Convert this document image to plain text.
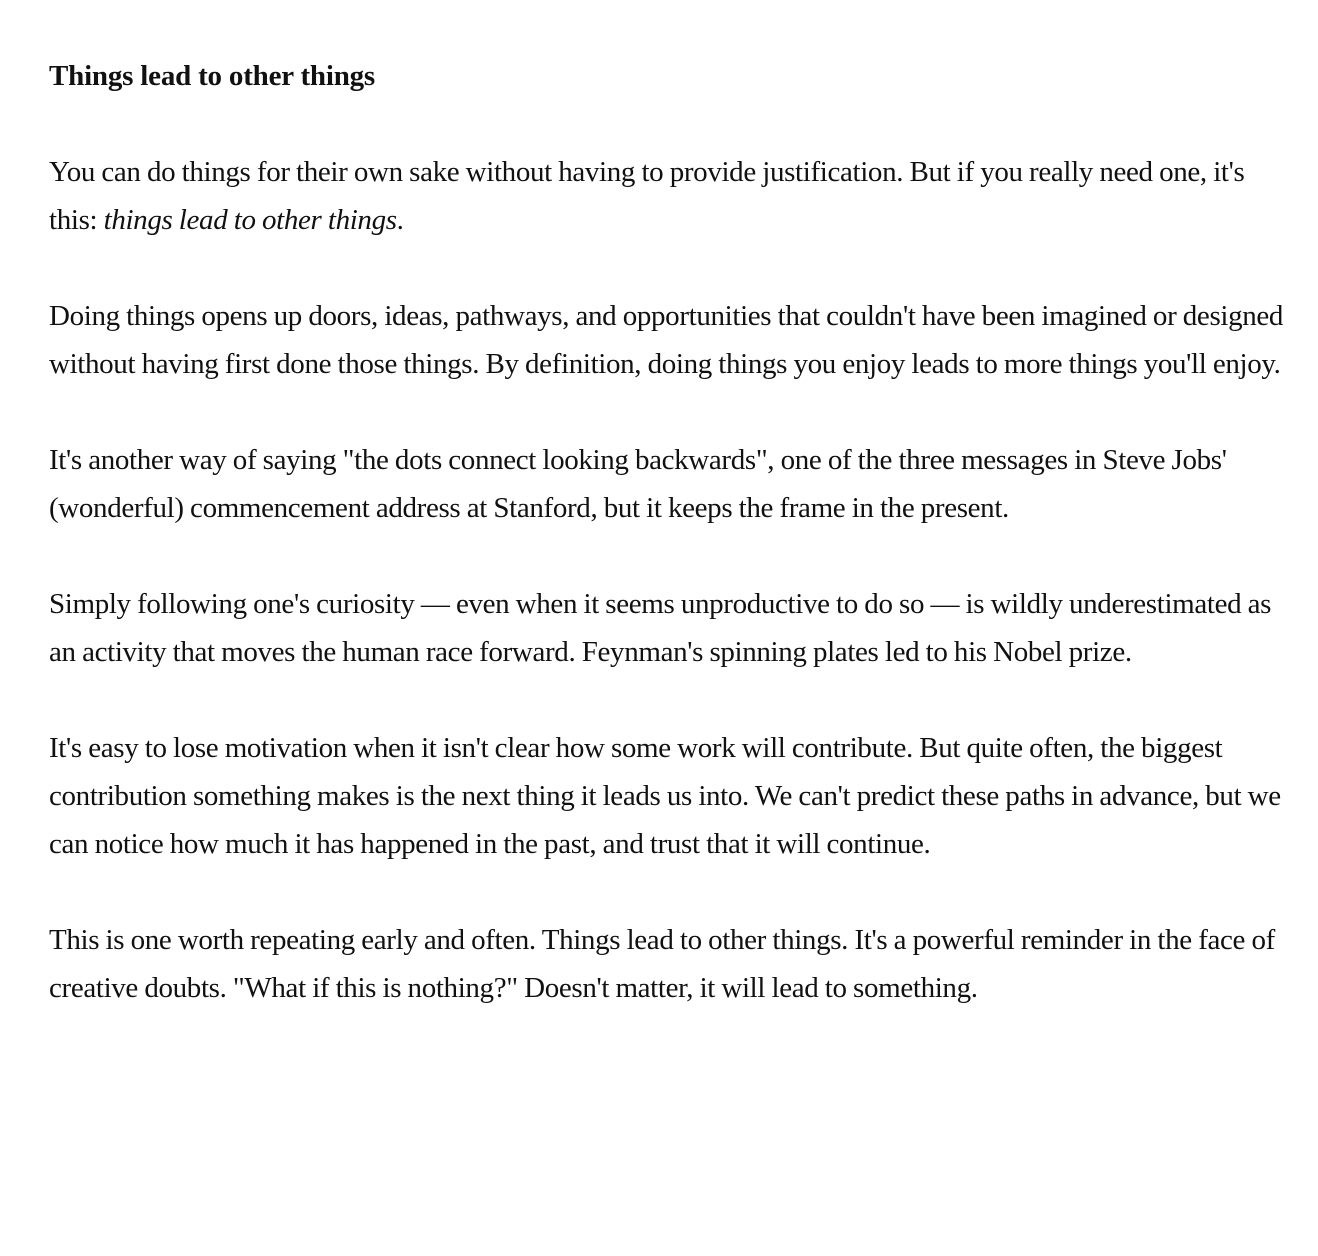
Things lead to other things

You can do things for their own sake without having to provide justification. But if you really need one, it's this: things lead to other things.

Doing things opens up doors, ideas, pathways, and opportunities that couldn't have been imagined or designed without having first done those things. By definition, doing things you enjoy leads to more things you'll enjoy.

It's another way of saying "the dots connect looking backwards", one of the three messages in Steve Jobs' (wonderful) commencement address at Stanford, but it keeps the frame in the present.

Simply following one's curiosity — even when it seems unproductive to do so — is wildly underestimated as an activity that moves the human race forward. Feynman's spinning plates led to his Nobel prize.

It's easy to lose motivation when it isn't clear how some work will contribute. But quite often, the biggest contribution something makes is the next thing it leads us into. We can't predict these paths in advance, but we can notice how much it has happened in the past, and trust that it will continue.

This is one worth repeating early and often. Things lead to other things. It's a powerful reminder in the face of creative doubts. "What if this is nothing?" Doesn't matter, it will lead to something.
